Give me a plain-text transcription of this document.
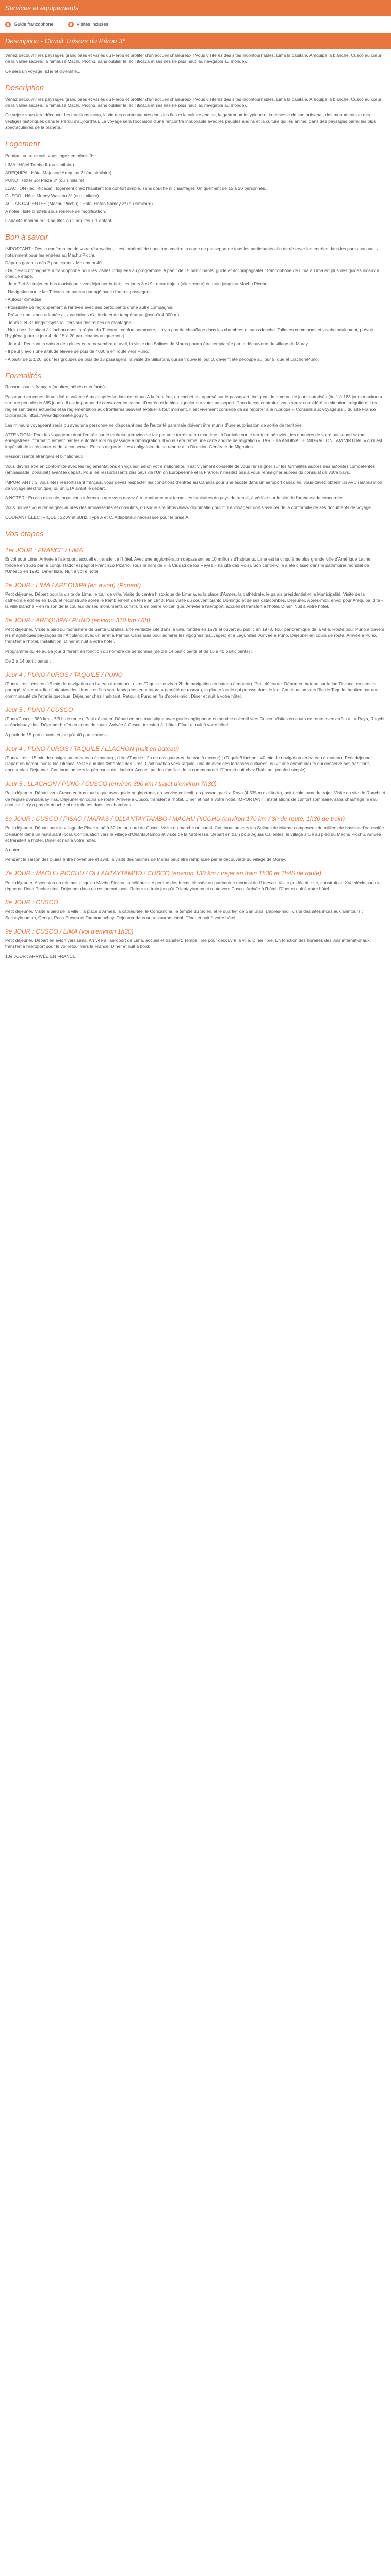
Services et équipements
Guide francophone	Visites incluses
Description - Circuit Trésors du Pérou 3*

Venez découvrir les paysages grandioses et variés du Pérou et profiter d'un accueil chaleureux ! Vous visiterez des sites incontournables, Lima la capitale, Arequipa la blanche, Cusco au cœur de la vallée sacrée, la fameuse Machu Picchu, sans oublier le lac Titicaca et ses îles (le plus haut lac navigable au monde).

Ce sera un voyage riche et diversifié...

Description

Venez découvrir les paysages grandioses et variés du Pérou et profiter d'un accueil chaleureux ! Vous visiterez des sites incontournables, Lima la capitale, Arequipa la blanche, Cusco au cœur de la vallée sacrée, la fameuse Machu Picchu, sans oublier le lac Titicaca et ses îles (le plus haut lac navigable au monde).

Ce sejour vous fera découvrir les traditions incas, la vie des communautés dans les îles et la culture andine, la gastronomie typique et la richesse de son artisanat, des monuments et des vestiges historiques dans le Pérou d'aujourd'hui. Le voyage sera l'occasion d'une rencontre inoubliable avec les peuples andins et la culture qui les anime, dans des paysages parmi les plus spectaculaires de la planète.

Logement

Pendant votre circuit, vous logez en hôtels 3* :

LIMA : Hôtel Tambo II (ou similaire)

AREQUIPA : Hôtel Majestad Arequipa 3* (ou similaire)

PUNO : Hôtel Sol Plaza 3* (ou similaire)

LLACHON (lac Titicaca) : logement chez l'habitant (de confort simple, sans douche ni chauffage). Uniquement de 15 à 20 personnes.

CUSCO : Hôtel Money Wasi ou 3* (ou similaire)

AGUAS CALIENTES (Machu Picchu) : Hôtel Hatun Samay 3* (ou similaire).

A noter : liste d'hôtels sous réserve de modification.

Capacité maximum : 3 adultes ou 2 adultes + 1 enfant.

Bon à savoir

IMPORTANT : Dès la confirmation de votre réservation, il est impératif de nous transmettre la copie de passeport de tous les participants afin de réserver les entrées dans les parcs nationaux, notamment pour les entrées au Machu Picchu.

Départs garantis dès 2 participants. Maximum 40.

- Guide-accompagnateur francophone pour les visites indiquées au programme. A partir de 15 participants, guide et accompagnateur francophone de Lima à Lima en plus des guides locaux à chaque étape.

- Jour 7 et 8 : trajet en bus touristique avec déjeuner buffet ; les jours 8 et 9 : deux trajets (aller-retour) en train jusqu'au Machu Picchu.

- Navigation sur le lac Titicaca en bateau partagé avec d'autres passagers.

- Autocar climatisé.

- Possibilité de regroupement à l'arrivée avec des participants d'une autre compagnie.

- Prévoir une tenue adaptée aux variations d'altitude et de température (jusqu'à 4 000 m).

- Jours 2 et 3 : longs trajets routiers sur des routes de montagne.

- Nuit chez l'habitant à Llachon dans la région du Titicaca : confort sommaire, il n'y a pas de chauffage dans les chambres et sans douche. Toilettes communes et lavabo seulement, prévoir l'hygiène (pour le jour 4, de 15 à 20 participants uniquement).

- Jour 4 : Pendant la saison des pluies entre novembre et avril, la visite des Salines de Maras pourra être remplacée par la découverte du village de Moray.

- Il peut y avoir une altitude élevée de plus de 4000m en route vers Puno.

- A partir de 2/1/26, pour les groupes de plus de 15 passagers, la visite de Sillustani, qui se trouve le jour 3, devient été découpé au jour 5, que et Llachon/Puno.

Formalités

Ressortissants français (adultes, bébés et enfants) :

Passeport en cours de validité et valable 6 mois après la date de retour. A la frontière, un cachet est apposé sur le passeport. Indiquant le nombre de jours autorisés (de 1 à 183 jours maximum sur une période de 365 jours). Il est important de conserver ce cachet d'entrée et le bien signaler sur votre passeport. Dans le cas contraire, vous serez considéré en situation irrégulière. Les règles sanitaires actuelles et la réglementation aux frontières peuvent évoluer à tout moment. Il est vivement conseillé de se reporter à la rubrique « Conseils aux voyageurs » du site France Diplomatie, https://www.diplomatie.gouv.fr.

Les mineurs voyageant seuls ou avec une personne ne disposant pas de l'autorité parentale doivent être munis d'une autorisation de sortie de territoire.

ATTENTION : Pour les voyageurs dont l'entrée sur le territoire péruvien se fait par voie terrestre ou maritime : à l'arrivée sur le territoire péruvien, les données de votre passeport seront enregistrées informatiquement par les autorités lors du passage à l'immigration. Il vous sera remis une carte andine de migration « TARJETA ANDINA DE MIGRACION TAM VIRTUAL » qu'il est impératif de la réclamer et de la conserver. En cas de perte, il est obligatoire de se rendre à la Direction Générale de Migration.

Ressortissants étrangers et binationaux :

Vous devrez être en conformité avec les réglementations en vigueur, selon votre nationalité. Il est vivement conseillé de vous renseigner sur les formalités auprès des autorités compétentes (ambassade, consulat) avant le départ. Pour les ressortissants des pays de l'Union Européenne et la France, n'hésitez pas à vous renseigner auprès du consulat de votre pays.

IMPORTANT : Si vous êtes ressortissant français, vous devez respecter les conditions d'entrée au Canada pour une escale dans un aéroport canadien, vous devez obtenir un AVE (autorisation de voyage électronique) ou un ETA avant le départ.

A NOTER : En cas d'escale, nous vous informons que vous devez être conforme aux formalités sanitaires du pays de transit, à vérifier sur le site de l'ambassade concernée.

Vous pouvez vous renseigner auprès des ambassades et consulats, ou sur le site https://www.diplomatie.gouv.fr. Le voyageur doit s'assurer de la conformité de ses documents de voyage.

COURANT ÉLECTRIQUE : 220V et 60Hz. Type A et C. Adaptateur nécessaire pour le prise A.

Vos étapes
1er JOUR : FRANCE / LIMA

Envol pour Lima. Arrivée à l'aéroport, accueil et transfert à l'hôtel. Avec une agglomération dépassant les 10 millions d'habitants, Lima est la cinquième plus grande ville d'Amérique Latine, fondée en 1535 par le conquistador espagnol Francisco Pizarro, sous le nom de « la Ciudad de los Reyes » (la cité des Rois). Son centre-ville a été classé dans le patrimoine mondial de l'Unesco en 1991. Dîner libre. Nuit à votre hôtel.

2e JOUR : LIMA / AREQUIPA (en avion) (Ponant)

Petit déjeuner. Départ pour la visite de Lima, le tour de ville. Visite du centre historique de Lima avec la place d'Armes, la cathédrale, le palais présidentiel et la Municipalité. Visite de la cathédrale édifiée en 1625 et reconstruite après le tremblement de terre en 1940. Puis visite du couvent Santo Domingo et de ses catacombes. Déjeuner. Après-midi, envol pour Arequipa, dite « la ville blanche » en raison de la couleur de ses monuments construits en pierre volcanique. Arrivée à l'aéroport, accueil et transfert à l'hôtel. Dîner. Nuit à votre hôtel.

3e JOUR : AREQUIPA / PUNO (environ 310 km / 6h)

Petit déjeuner. Visite à pied du monastère de Santa Catalina, une véritable cité dans la ville, fondée en 1579 et ouvert au public en 1970. Tour panoramique de la ville. Route pour Puno à travers les magnifiques paysages de l'Altiplano, avec un arrêt à Pampa Cañahuas pour admirer les vigognes (sauvages) et à Lagunillas. Arrivée à Puno. Déjeuner en cours de route. Arrivée à Puno, transfert à l'hôtel. Installation. Dîner et nuit à votre hôtel.

Programme du 4e au 5e jour différent en fonction du nombre de personnes (de 2 à 14 participants et de 15 à 40 participants) :

De 2 à 14 participants :

Jour 4 : PUNO / UROS / TAQUILE / PUNO

(Puno/Uros : environ 15 min de navigation en bateau à moteur) ; (Uros/Taquile : environ 2h de navigation en bateau à moteur). Petit déjeuner. Départ en bateau sur le lac Titicaca, en service partagé. Visite aux îles flottantes des Uros. Les îles sont fabriquées en « totora » (variété de roseau), la plante locale qui pousse dans le lac. Continuation vers l'île de Taquile, habitée par une communauté de l'ethnie quechua. Déjeuner chez l'habitant. Retour à Puno en fin d'après-midi. Dîner et nuit à votre hôtel.

Jour 5 : PUNO / CUSCO

(Puno/Cusco : 389 km – 7/8 h de route). Petit déjeuner. Départ en bus touristique avec guide anglophone en service collectif vers Cusco. Visites en cours de route avec arrêts à La Raya, Raqchi et Andahuaylillas. Déjeuner buffet en cours de route. Arrivée à Cusco, transfert à l'hôtel. Dîner et nuit à votre hôtel.

A partir de 15 participants et jusqu'à 40 participants :

Jour 4 : PUNO / UROS / TAQUILE / LLACHON (nuit en bateau)

(Puno/Uros : 15 min de navigation en bateau à moteur) ; (Uros/Taquile : 2h de navigation en bateau à moteur) ; (Taquile/Llachon : 40 min de navigation en bateau à moteur). Petit déjeuner. Départ en bateau sur le lac Titicaca. Visite aux îles flottantes des Uros. Continuation vers Taquile, une île avec des terrasses cultivées, où vit une communauté qui conserve ses traditions ancestrales. Déjeuner. Continuation vers la péninsule de Llachon. Accueil par les familles de la communauté. Dîner et nuit chez l'habitant (confort simple).

Jour 5 : LLACHON / PUNO / CUSCO (environ 390 km / trajet d'environ 7h30)

Petit déjeuner. Départ vers Cusco en bus touristique avec guide anglophone, en service collectif, en passant par La Raya (4 335 m d'altitude), point culminant du trajet. Visite du site de Raqchi et de l'église d'Andahuaylillas. Déjeuner en cours de route. Arrivée à Cusco, transfert à l'hôtel. Dîner et nuit à votre hôtel. IMPORTANT : installations de confort sommaire, sans chauffage ni eau chaude. Il n'y a pas de douche ni de toilettes dans les chambres.

6e JOUR : CUSCO / PISAC / MARAS / OLLANTAYTAMBO / MACHU PICCHU (environ 170 km / 3h de route, 1h30 de train)

Petit déjeuner. Départ pour le village de Pisac situé à 32 km au nord de Cusco. Visite du marché artisanal. Continuation vers les Salines de Maras, composées de milliers de bassins d'eau salée. Déjeuner dans un restaurant local. Continuation vers le village d'Ollantaytambo et visite de la forteresse. Départ en train pour Aguas Calientes, le village situé au pied du Machu Picchu. Arrivée et transfert à l'hôtel. Dîner et nuit à votre hôtel.

A noter :

Pendant la saison des pluies entre novembre et avril, la visite des Salines de Maras peut être remplacée par la découverte du village de Moray.

7e JOUR : MACHU PICCHU / OLLANTAYTAMBO / CUSCO (environ 130 km / trajet en train 1h30 et 1h45 de route)

Petit déjeuner. Ascension en minibus jusqu'au Machu Picchu, la célèbre cité perdue des Incas, classée au patrimoine mondial de l'Unesco. Visite guidée du site, construit au XVe siècle sous le règne de l'Inca Pachacutec. Déjeuner dans un restaurant local. Retour en train jusqu'à Ollantaytambo et route vers Cusco. Arrivée à l'hôtel. Dîner et nuit à votre hôtel.

8e JOUR : CUSCO

Petit déjeuner. Visite à pied de la ville : la place d'Armes, la cathédrale, le Coricancha, le temple du Soleil, et le quartier de San Blas. L'après-midi, visite des sites incas aux alentours : Sacsayhuaman, Qenqo, Puca Pucara et Tambomachay. Déjeuner dans un restaurant local. Dîner et nuit à votre hôtel.

9e JOUR : CUSCO / LIMA (vol d'environ 1h30)

Petit déjeuner. Départ en avion vers Lima. Arrivée à l'aéroport de Lima, accueil et transfert. Temps libre pour découvrir la ville. Dîner libre. En fonction des horaires des vols internationaux, transfert à l'aéroport pour le vol retour vers la France. Dîner et nuit à bord.

10e JOUR : ARRIVÉE EN FRANCE
